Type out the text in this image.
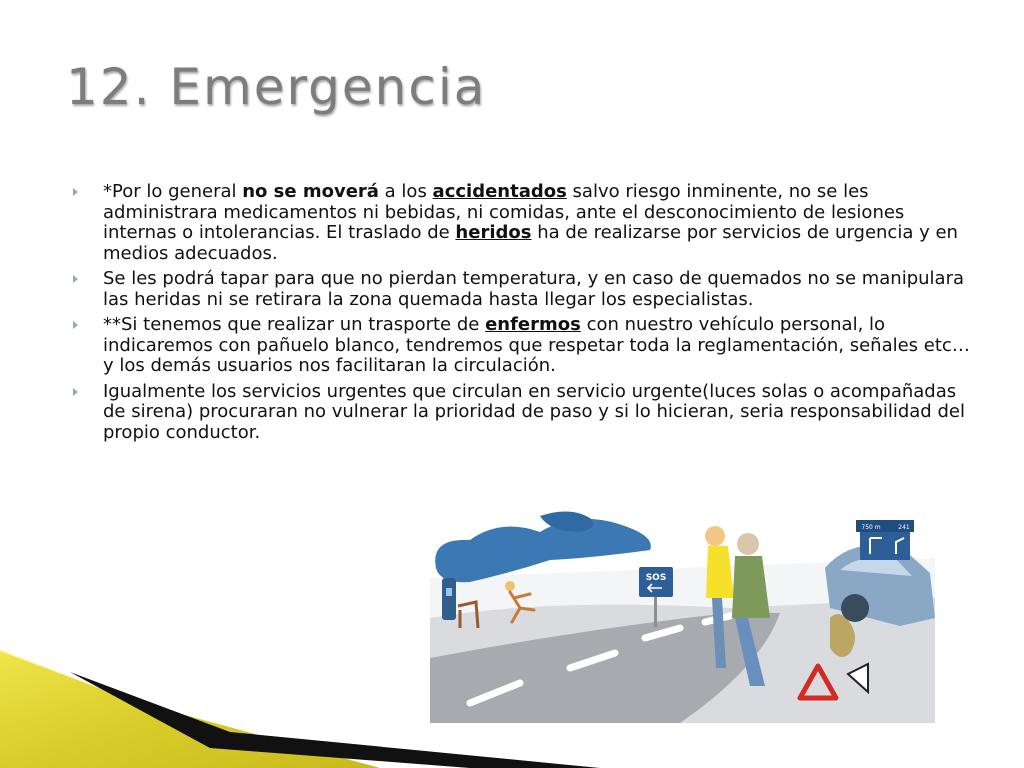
12. Emergencia
*Por lo general no se moverá a los accidentados salvo riesgo inminente, no se les administrara medicamentos ni bebidas, ni comidas, ante el desconocimiento de lesiones internas o intolerancias. El traslado de heridos ha de realizarse por servicios de urgencia y en medios adecuados.
Se les podrá tapar para que no pierdan temperatura, y en caso de quemados no se manipulara las heridas ni se retirara la zona quemada hasta llegar los especialistas.
**Si tenemos que realizar un trasporte de enfermos con nuestro vehículo personal, lo indicaremos con pañuelo blanco, tendremos que respetar toda la reglamentación, señales etc… y los demás usuarios nos facilitaran la circulación.
Igualmente los servicios urgentes que circulan en servicio urgente(luces solas o acompañadas de sirena) procuraran no vulnerar la prioridad de paso y si lo hicieran, seria responsabilidad del propio conductor.
SOS
750 m	241
